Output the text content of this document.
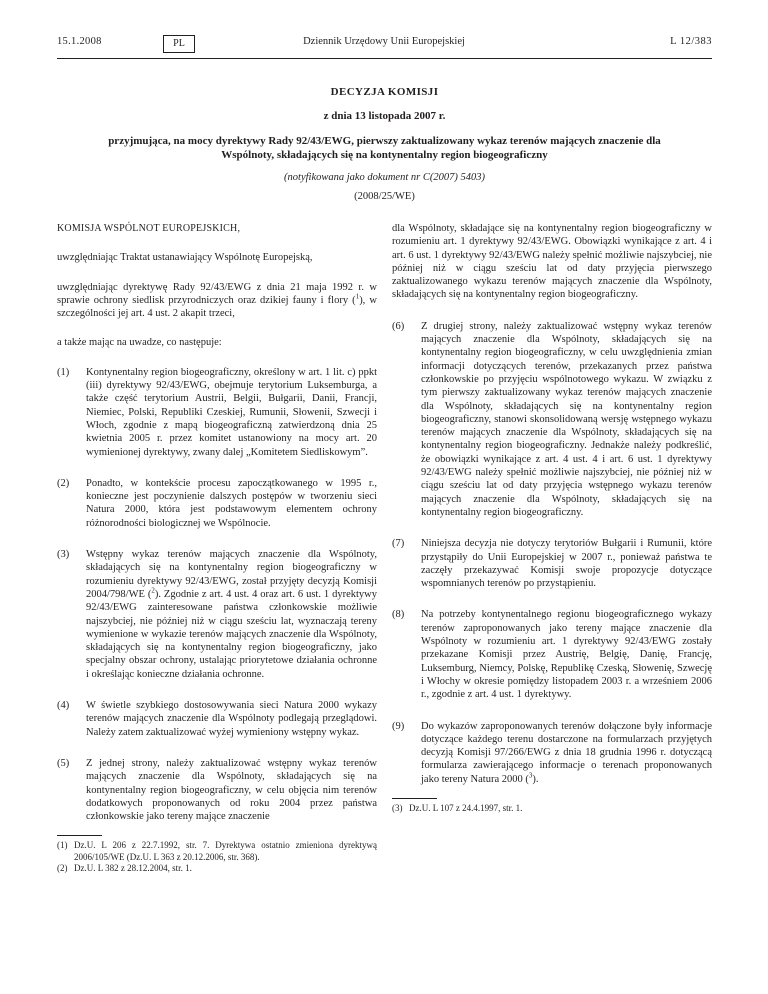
15.1.2008	PL	Dziennik Urzędowy Unii Europejskiej	L 12/383
DECYZJA KOMISJI
z dnia 13 listopada 2007 r.
przyjmująca, na mocy dyrektywy Rady 92/43/EWG, pierwszy zaktualizowany wykaz terenów mających znaczenie dla Wspólnoty, składających się na kontynentalny region biogeograficzny
(notyfikowana jako dokument nr C(2007) 5403)
(2008/25/WE)

KOMISJA WSPÓLNOT EUROPEJSKICH,

uwzględniając Traktat ustanawiający Wspólnotę Europejską,

uwzględniając dyrektywę Rady 92/43/EWG z dnia 21 maja 1992 r. w sprawie ochrony siedlisk przyrodniczych oraz dzikiej fauny i flory ($^1$), w szczególności jej art. 4 ust. 2 akapit trzeci,

a także mając na uwadze, co następuje:

(1)	Kontynentalny region biogeograficzny, określony w art. 1 lit. c) ppkt (iii) dyrektywy 92/43/EWG, obejmuje terytorium Luksemburga, a także część terytorium Austrii, Belgii, Bułgarii, Danii, Francji, Niemiec, Polski, Republiki Czeskiej, Rumunii, Słowenii, Szwecji i Włoch, zgodnie z mapą biogeograficzną zatwierdzoną dnia 25 kwietnia 2005 r. przez komitet ustanowiony na mocy art. 20 wymienionej dyrektywy, zwany dalej „Komitetem Siedliskowym”.
(2)	Ponadto, w kontekście procesu zapoczątkowanego w 1995 r., konieczne jest poczynienie dalszych postępów w tworzeniu sieci Natura 2000, która jest podstawowym elementem ochrony różnorodności biologicznej we Wspólnocie.
(3)	Wstępny wykaz terenów mających znaczenie dla Wspólnoty, składających się na kontynentalny region biogeograficzny w rozumieniu dyrektywy 92/43/EWG, został przyjęty decyzją Komisji 2004/798/WE ($^2$). Zgodnie z art. 4 ust. 4 oraz art. 6 ust. 1 dyrektywy 92/43/EWG zainteresowane państwa członkowskie możliwie najszybciej, nie później niż w ciągu sześciu lat, wyznaczają tereny wymienione w wykazie terenów mających znaczenie dla Wspólnoty, składających się na kontynentalny region biogeograficzny, jako specjalny obszar ochrony, ustalając priorytetowe działania ochronne i określając konieczne działania ochronne.
(4)	W świetle szybkiego dostosowywania sieci Natura 2000 wykazy terenów mających znaczenie dla Wspólnoty podlegają przeglądowi. Należy zatem zaktualizować wyżej wymieniony wstępny wykaz.
(5)	Z jednej strony, należy zaktualizować wstępny wykaz terenów mających znaczenie dla Wspólnoty, składających się na kontynentalny region biogeograficzny, w celu objęcia nim terenów dodatkowych proponowanych od roku 2004 przez państwa członkowskie jako tereny mające znaczenie
(1) Dz.U. L 206 z 22.7.1992, str. 7. Dyrektywa ostatnio zmieniona dyrektywą 2006/105/WE (Dz.U. L 363 z 20.12.2006, str. 368).
(2) Dz.U. L 382 z 28.12.2004, str. 1.

dla Wspólnoty, składające się na kontynentalny region biogeograficzny w rozumieniu art. 1 dyrektywy 92/43/EWG. Obowiązki wynikające z art. 4 i art. 6 ust. 1 dyrektywy 92/43/EWG należy spełnić możliwie najszybciej, nie później niż w ciągu sześciu lat od daty przyjęcia pierwszego zaktualizowanego wykazu terenów mających znaczenie dla Wspólnoty, składających się na kontynentalny region biogeograficzny.

(6)	Z drugiej strony, należy zaktualizować wstępny wykaz terenów mających znaczenie dla Wspólnoty, składających się na kontynentalny region biogeograficzny, w celu uwzględnienia zmian informacji dotyczących terenów, przekazanych przez państwa członkowskie po przyjęciu wspólnotowego wykazu. W związku z tym pierwszy zaktualizowany wykaz terenów mających znaczenie dla Wspólnoty, składających się na kontynentalny region biogeograficzny, stanowi skonsolidowaną wersję wstępnego wykazu terenów mających znaczenie dla Wspólnoty, składających się na kontynentalny region biogeograficzny. Jednakże należy podkreślić, że obowiązki wynikające z art. 4 ust. 4 i art. 6 ust. 1 dyrektywy 92/43/EWG należy spełnić możliwie najszybciej, nie później niż w ciągu sześciu lat od daty przyjęcia wstępnego wykazu terenów mających znaczenie dla Wspólnoty, składających się na kontynentalny region biogeograficzny.
(7)	Niniejsza decyzja nie dotyczy terytoriów Bułgarii i Rumunii, które przystąpiły do Unii Europejskiej w 2007 r., ponieważ państwa te zaczęły przekazywać Komisji swoje propozycje dotyczące wspomnianych terenów po przystąpieniu.
(8)	Na potrzeby kontynentalnego regionu biogeograficznego wykazy terenów zaproponowanych jako tereny mające znaczenie dla Wspólnoty w rozumieniu art. 1 dyrektywy 92/43/EWG zostały przekazane Komisji przez Austrię, Belgię, Danię, Francję, Luksemburg, Niemcy, Polskę, Republikę Czeską, Słowenię, Szwecję i Włochy w okresie pomiędzy listopadem 2003 r. a wrześniem 2006 r., zgodnie z art. 4 ust. 1 dyrektywy.
(9)	Do wykazów zaproponowanych terenów dołączone były informacje dotyczące każdego terenu dostarczone na formularzach przyjętych decyzją Komisji 97/266/EWG z dnia 18 grudnia 1996 r. dotyczącą formularza zawierającego informacje o terenach proponowanych jako tereny Natura 2000 ($^3$).
(3) Dz.U. L 107 z 24.4.1997, str. 1.
